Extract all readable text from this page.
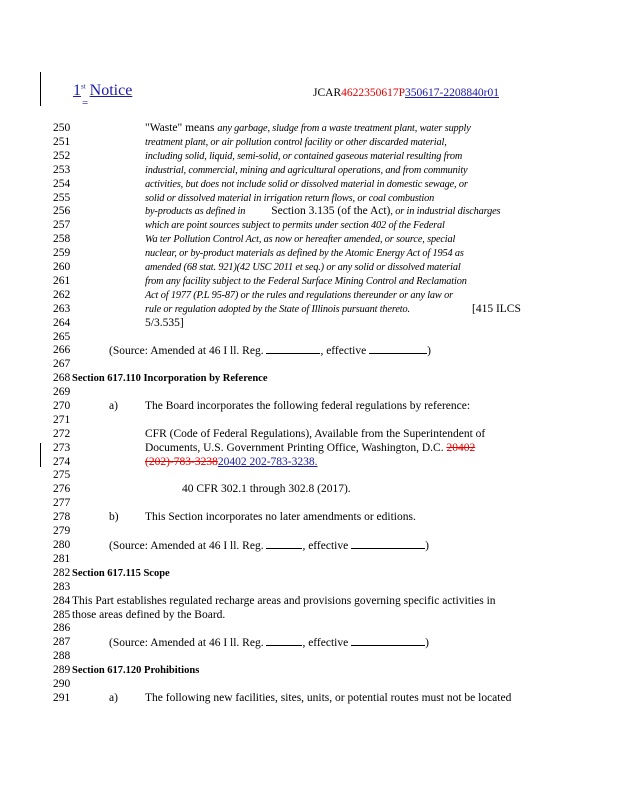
1st Notice
=
JCAR4622350617P350617-2208840r01
250
251
252
253
254
255
256
257
258
259
260
261
262
263
264
265
266
267
268
269
270
271
272
273
274
275
276
277
278
279
280
281
282
283
284
285
286
287
288
289
290
291
"Waste" means any garbage, sludge from a waste treatment plant, water supply
treatment plant, or air pollution control facility or other discarded material,
including solid, liquid, semi-solid, or contained gaseous material resulting from
industrial, commercial, mining and agricultural operations, and from community
activities, but does not include solid or dissolved material in domestic sewage, or
solid or dissolved material in irrigation return flows, or coal combustion
by-products as defined in Section 3.135 (of the Act), or in industrial discharges
which are point sources subject to permits under section 402 of the Federal
Wa ter Pollution Control Act, as now or hereafter amended, or source, special
nuclear, or by-product materials as defined by the Atomic Energy Act of 1954 as
amended (68 stat. 921)(42 USC 2011 et seq.) or any solid or dissolved material
from any facility subject to the Federal Surface Mining Control and Reclamation
Act of 1977 (P.L 95-87) or the rules and regulations thereunder or any law or
rule or regulation adopted by the State of Illinois pursuant thereto.	[415 ILCS
5/3.535]
(Source: Amended at 46 I ll. Reg.	, effective	)
Section 617.110 Incorporation by Reference
a) The Board incorporates the following federal regulations by reference:
CFR (Code of Federal Regulations), Available from the Superintendent of
Documents, U.S. Government Printing Office, Washington, D.C. 20402
(202)-783-323820402 202-783-3238.
40 CFR 302.1 through 302.8 (2017).
b) This Section incorporates no later amendments or editions.
(Source: Amended at 46 I ll. Reg.	, effective	)
Section 617.115 Scope
This Part establishes regulated recharge areas and provisions governing specific activities in
those areas defined by the Board.
(Source: Amended at 46 I ll. Reg.	, effective	)
Section 617.120 Prohibitions
a) The following new facilities, sites, units, or potential routes must not be located
